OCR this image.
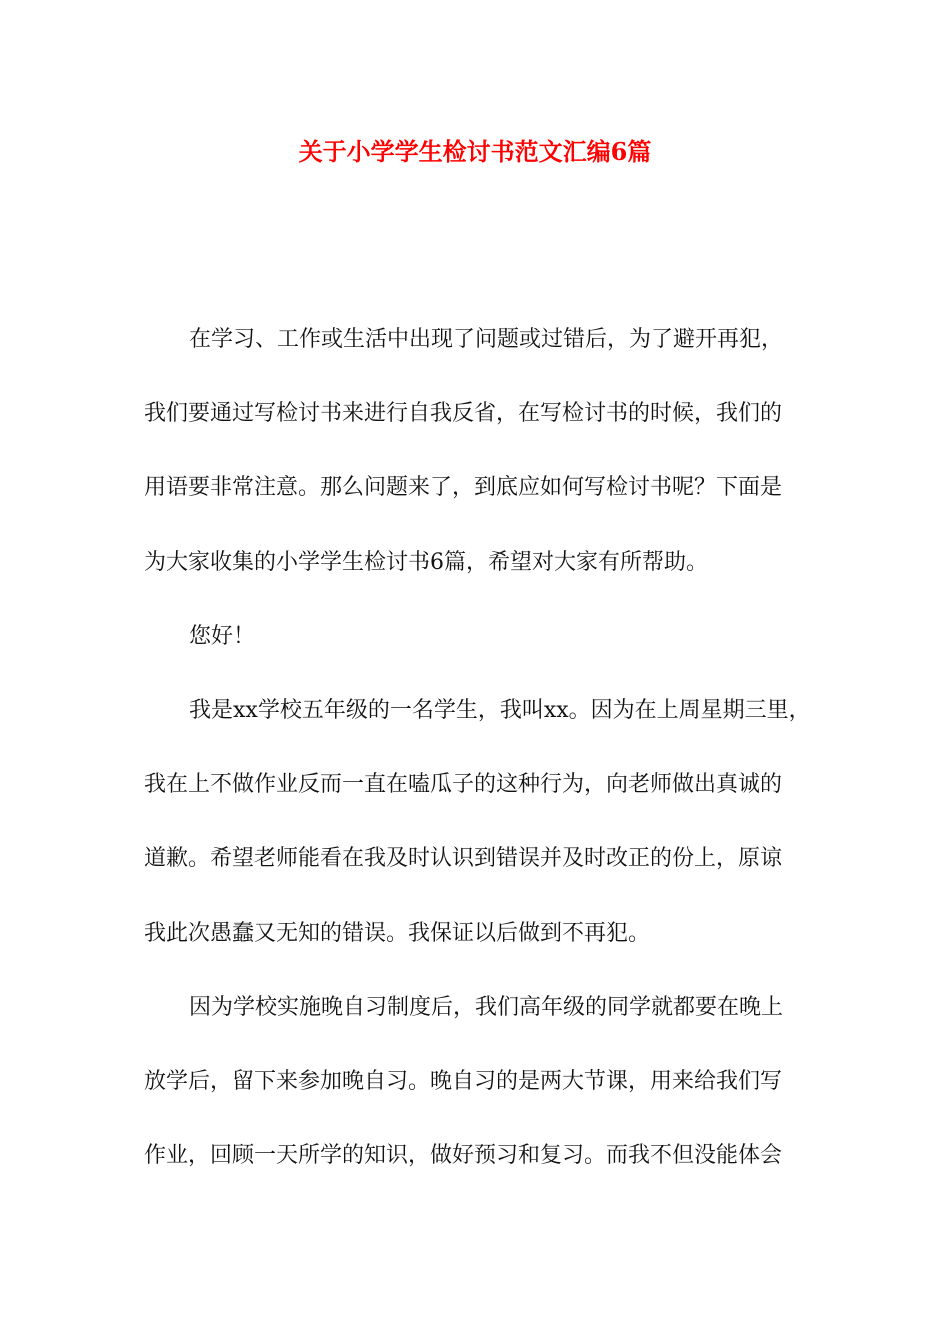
关于小学学生检讨书范文汇编6篇
在学习、工作或生活中出现了问题或过错后，为了避开再犯，
我们要通过写检讨书来进行自我反省，在写检讨书的时候，我们的
用语要非常注意。那么问题来了，到底应如何写检讨书呢？下面是
为大家收集的小学学生检讨书6篇，希望对大家有所帮助。
您好！
我是xx学校五年级的一名学生，我叫xx。因为在上周星期三里，
我在上不做作业反而一直在嗑瓜子的这种行为，向老师做出真诚的
道歉。希望老师能看在我及时认识到错误并及时改正的份上，原谅
我此次愚蠢又无知的错误。我保证以后做到不再犯。
因为学校实施晚自习制度后，我们高年级的同学就都要在晚上
放学后，留下来参加晚自习。晚自习的是两大节课，用来给我们写
作业，回顾一天所学的知识，做好预习和复习。而我不但没能体会
